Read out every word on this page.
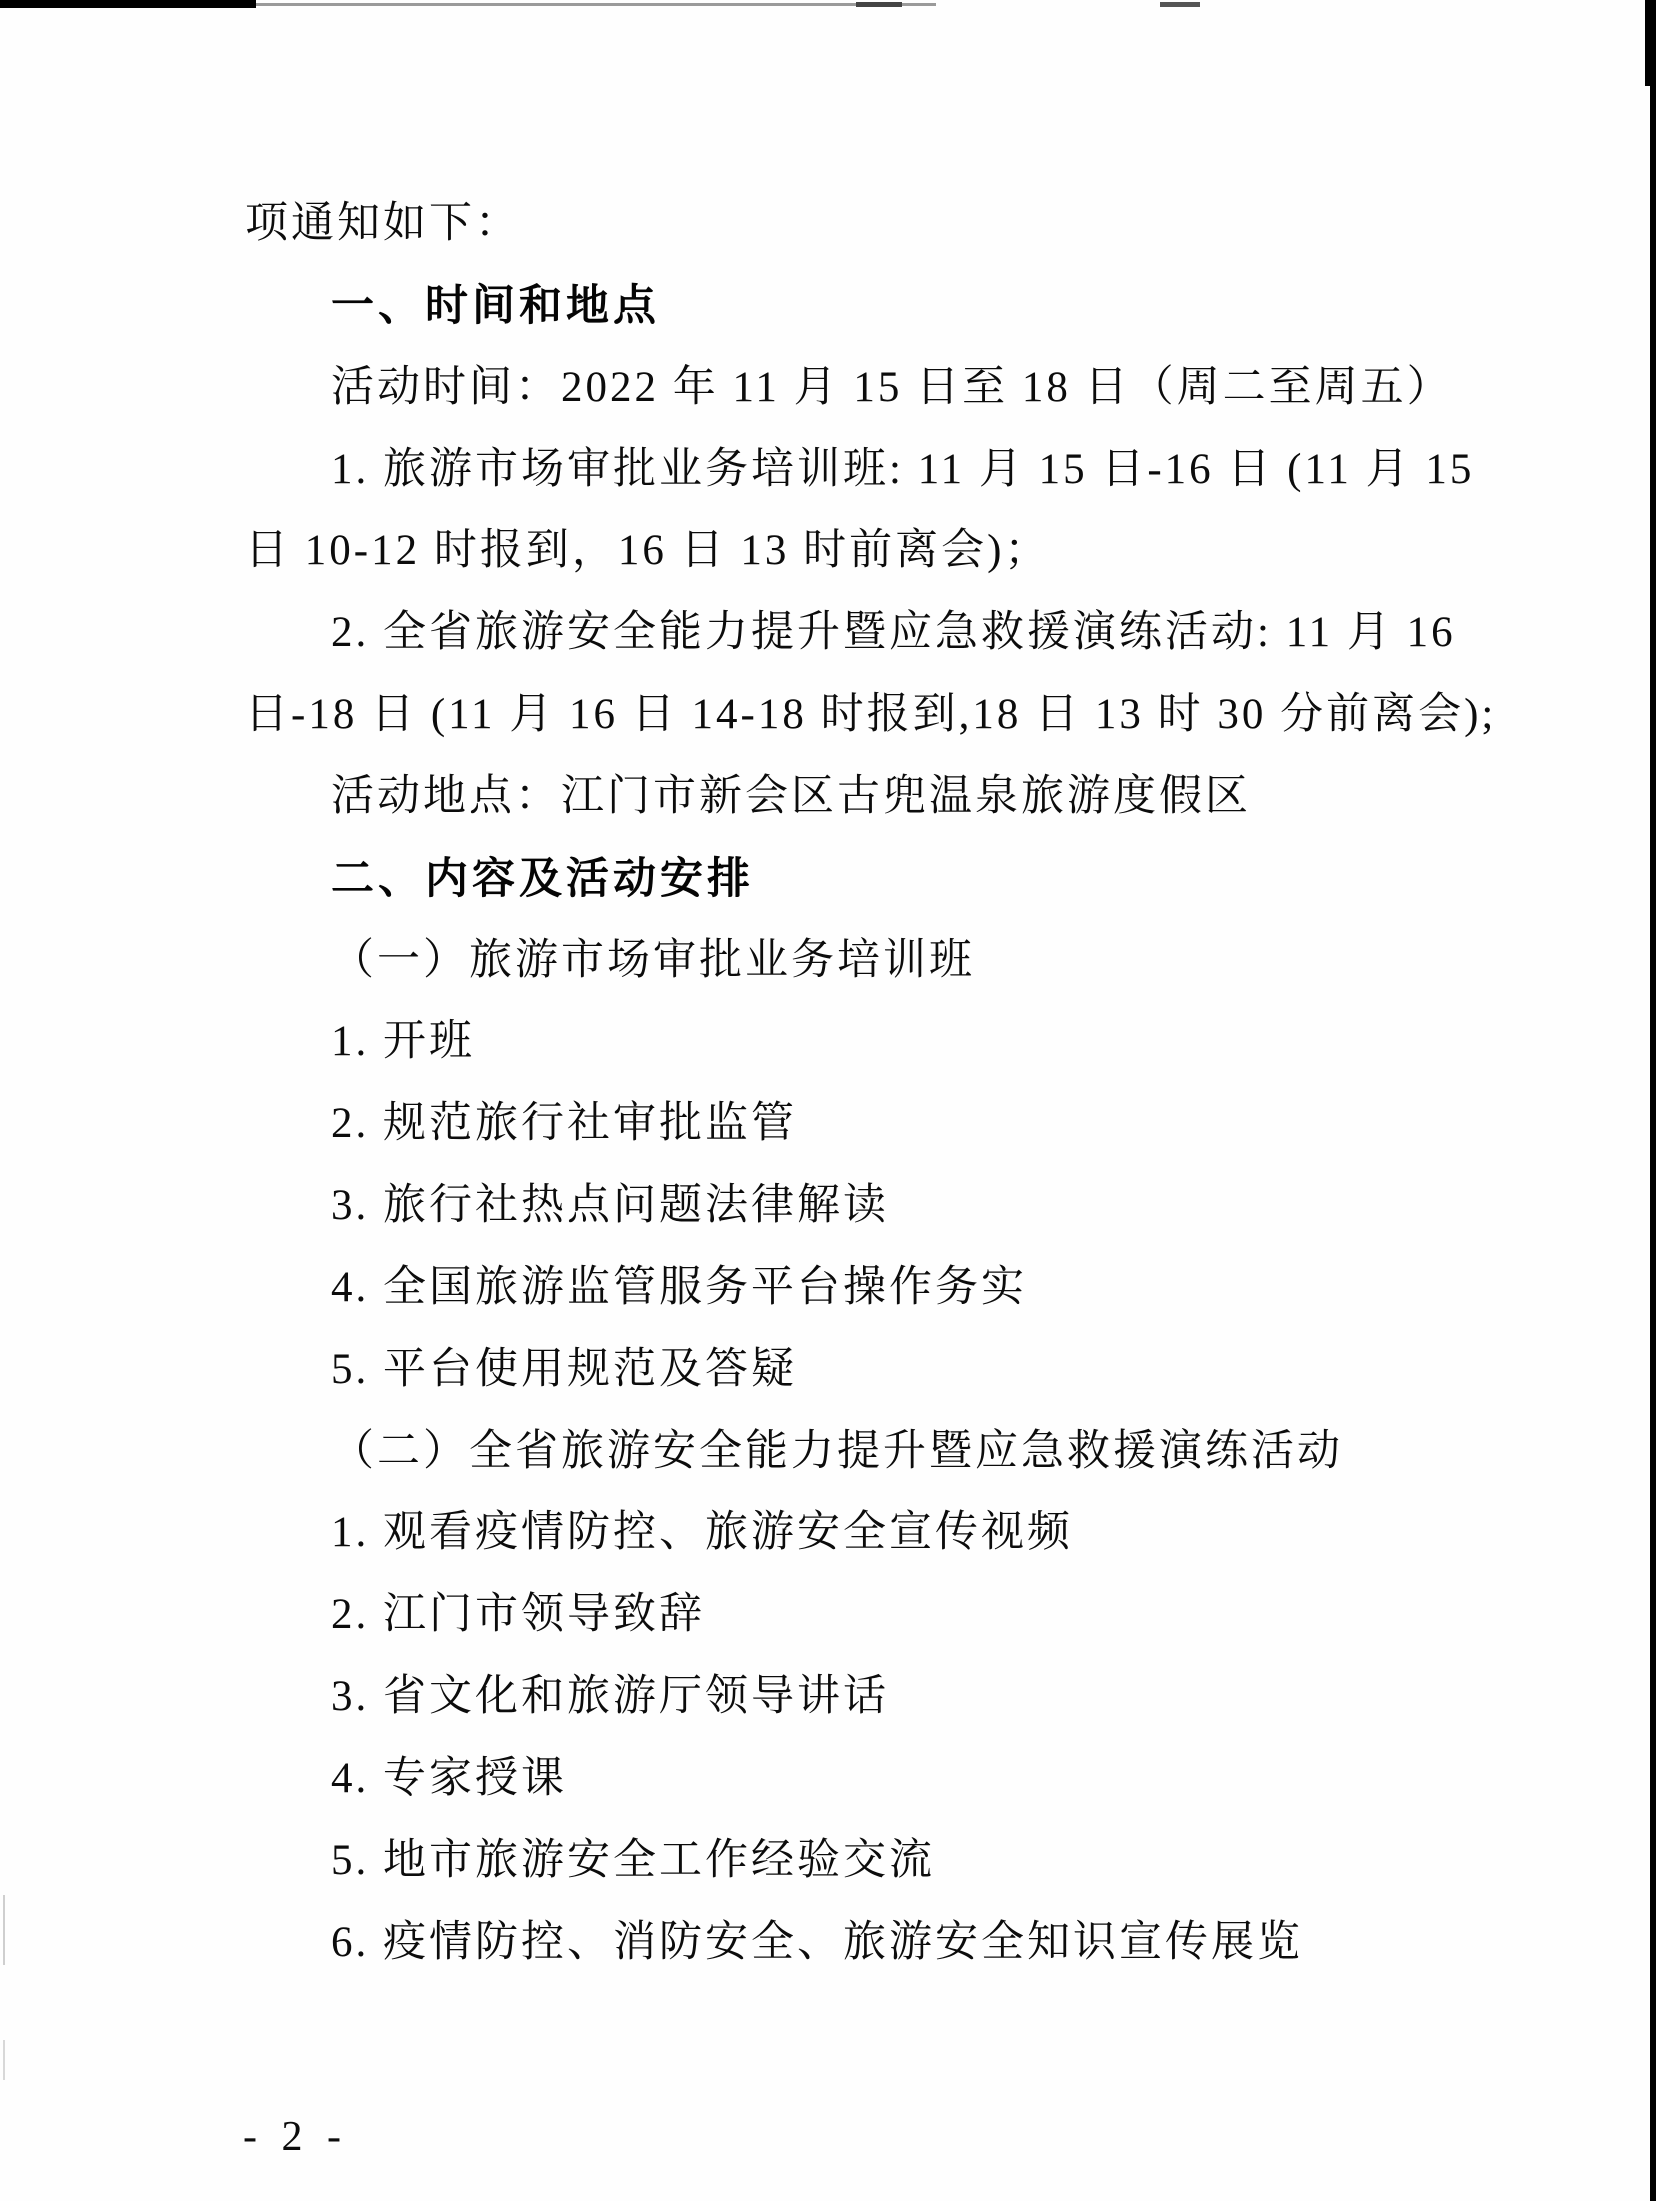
项通知如下：
一、时间和地点
活动时间：2022 年 11 月 15 日至 18 日（周二至周五）
1. 旅游市场审批业务培训班: 11 月 15 日-16 日 (11 月 15
日 10-12 时报到，16 日 13 时前离会)；
2. 全省旅游安全能力提升暨应急救援演练活动: 11 月 16
日-18 日 (11 月 16 日 14-18 时报到,18 日 13 时 30 分前离会);
活动地点：江门市新会区古兜温泉旅游度假区
二、内容及活动安排
（一）旅游市场审批业务培训班
1. 开班
2. 规范旅行社审批监管
3. 旅行社热点问题法律解读
4. 全国旅游监管服务平台操作务实
5. 平台使用规范及答疑
（二）全省旅游安全能力提升暨应急救援演练活动
1. 观看疫情防控、旅游安全宣传视频
2. 江门市领导致辞
3. 省文化和旅游厅领导讲话
4. 专家授课
5. 地市旅游安全工作经验交流
6. 疫情防控、消防安全、旅游安全知识宣传展览
- 2 -
